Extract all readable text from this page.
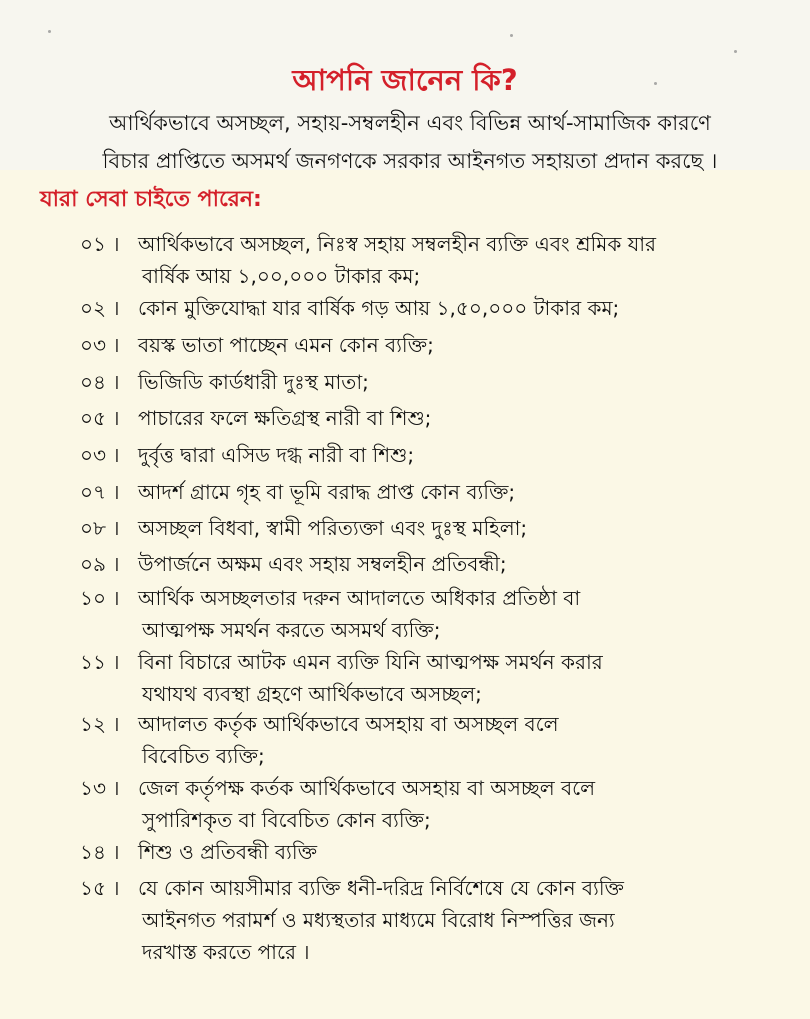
আপনি জানেন কি?
আর্থিকভাবে অসচ্ছল, সহায়-সম্বলহীন এবং বিভিন্ন আর্থ-সামাজিক কারণে
বিচার প্রাপ্তিতে অসমর্থ জনগণকে সরকার আইনগত সহায়তা প্রদান করছে ।
যারা সেবা চাইতে পারেন:
০১ । আর্থিকভাবে অসচ্ছল, নিঃস্ব সহায় সম্বলহীন ব্যক্তি এবং শ্রমিক যার
বার্ষিক আয় ১,০০,০০০ টাকার কম;
০২ । কোন মুক্তিযোদ্ধা যার বার্ষিক গড় আয় ১,৫০,০০০ টাকার কম;
০৩ । বয়স্ক ভাতা পাচ্ছেন এমন কোন ব্যক্তি;
০৪ । ভিজিডি কার্ডধারী দুঃস্থ মাতা;
০৫ । পাচারের ফলে ক্ষতিগ্রস্থ নারী বা শিশু;
০৩ । দুর্বৃত্ত দ্বারা এসিড দগ্ধ নারী বা শিশু;
০৭ । আদর্শ গ্রামে গৃহ বা ভূমি বরাদ্ধ প্রাপ্ত কোন ব্যক্তি;
০৮ । অসচ্ছল বিধবা, স্বামী পরিত্যক্তা এবং দুঃস্থ মহিলা;
০৯ । উপার্জনে অক্ষম এবং সহায় সম্বলহীন প্রতিবন্ধী;
১০ । আর্থিক অসচ্ছলতার দরুন আদালতে অধিকার প্রতিষ্ঠা বা
আত্মপক্ষ সমর্থন করতে অসমর্থ ব্যক্তি;
১১ । বিনা বিচারে আটক এমন ব্যক্তি যিনি আত্মপক্ষ সমর্থন করার
যথাযথ ব্যবস্থা গ্রহণে আর্থিকভাবে অসচ্ছল;
১২ । আদালত কর্তৃক আর্থিকভাবে অসহায় বা অসচ্ছল বলে
বিবেচিত ব্যক্তি;
১৩ । জেল কর্তৃপক্ষ কর্তক আর্থিকভাবে অসহায় বা অসচ্ছল বলে
সুপারিশকৃত বা বিবেচিত কোন ব্যক্তি;
১৪ । শিশু ও প্রতিবন্ধী ব্যক্তি
১৫ । যে কোন আয়সীমার ব্যক্তি ধনী-দরিদ্র নির্বিশেষে যে কোন ব্যক্তি
আইনগত পরামর্শ ও মধ্যস্থতার মাধ্যমে বিরোধ নিস্পত্তির জন্য
দরখাস্ত করতে পারে ।
